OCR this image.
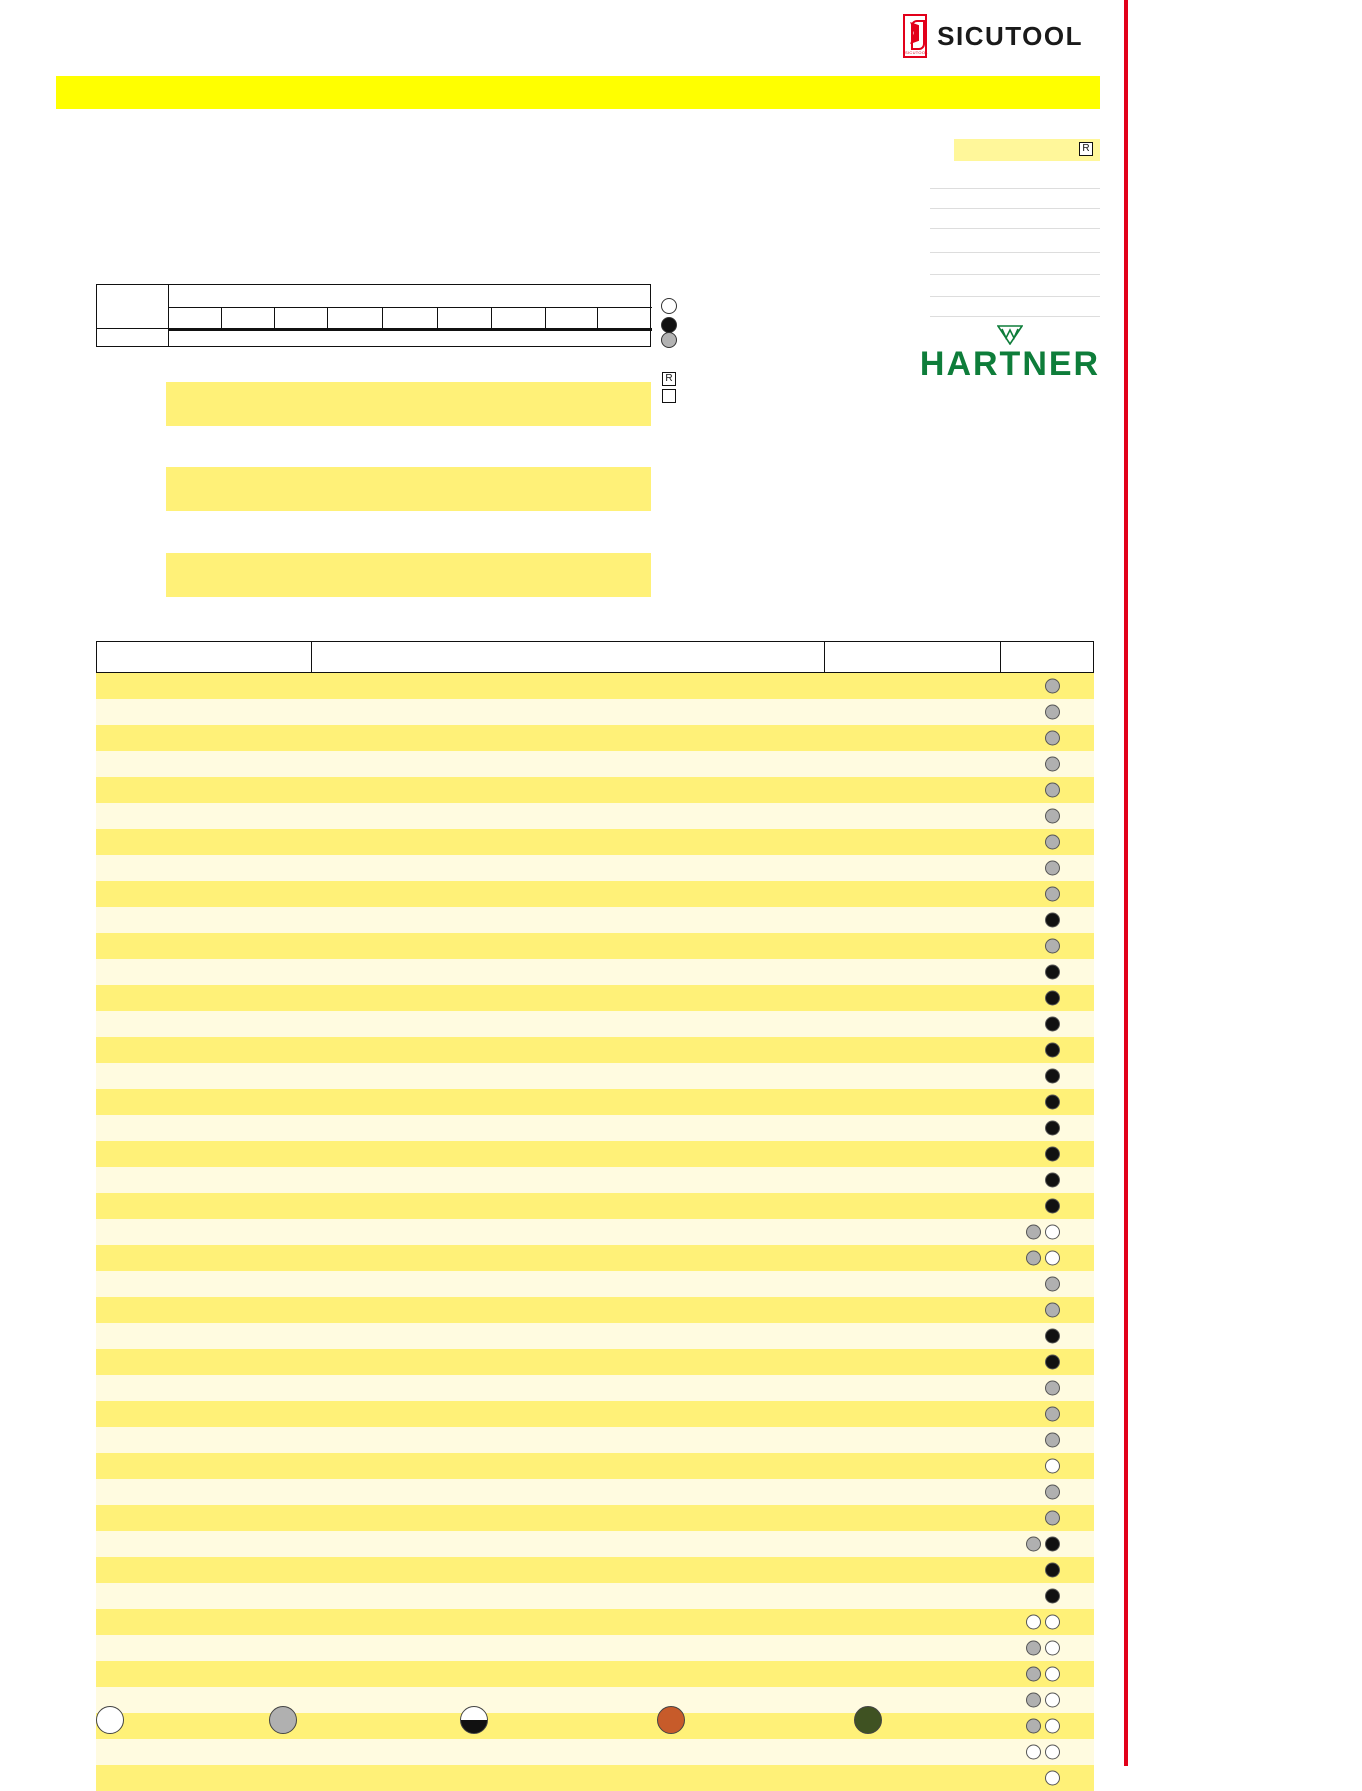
SICUTOOL
SICUTOOL
R
HARTNER
R
